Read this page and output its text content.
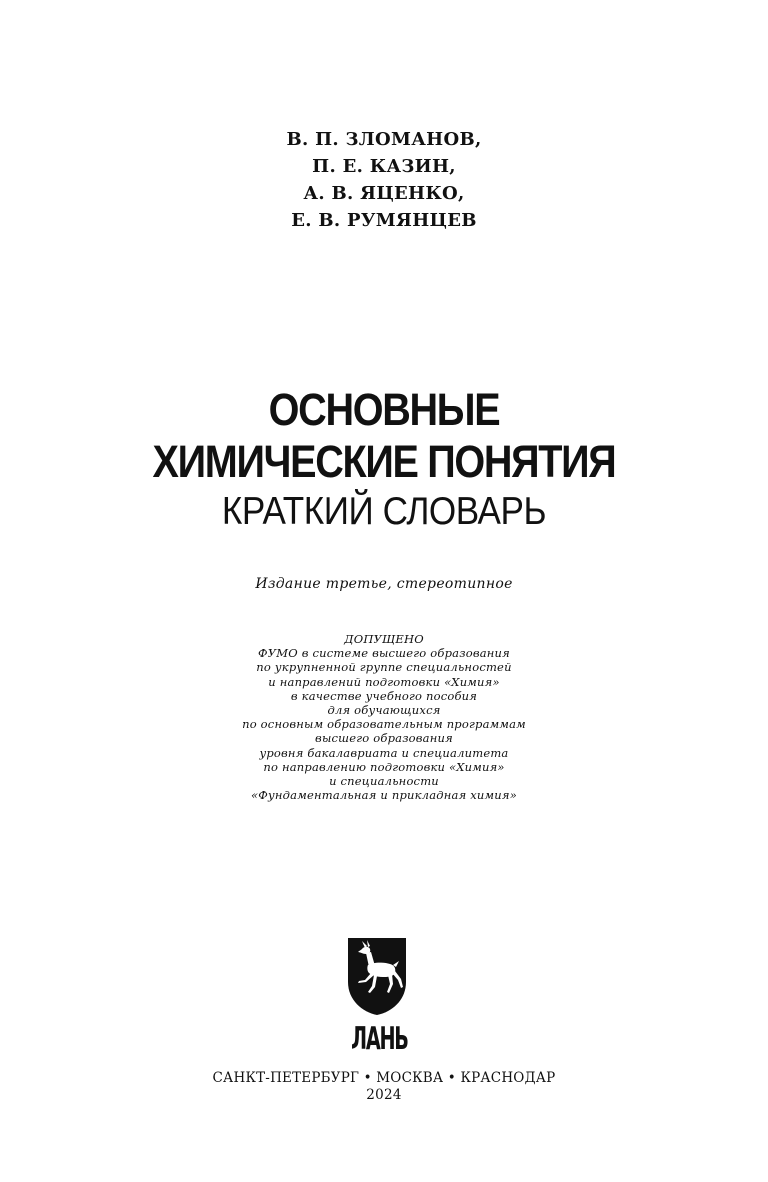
В. П. ЗЛОМАНОВ,
П. Е. КАЗИН,
А. В. ЯЦЕНКО,
Е. В. РУМЯНЦЕВ
ОСНОВНЫЕ
ХИМИЧЕСКИЕ ПОНЯТИЯ
КРАТКИЙ СЛОВАРЬ
Издание третье, стереотипное
ДОПУЩЕНО
ФУМО в системе высшего образования
по укрупненной группе специальностей
и направлений подготовки «Химия»
в качестве учебного пособия
для обучающихся
по основным образовательным программам
высшего образования
уровня бакалавриата и специалитета
по направлению подготовки «Химия»
и специальности
«Фундаментальная и прикладная химия»
ЛАНЬ
САНКТ-ПЕТЕРБУРГ • МОСКВА • КРАСНОДАР
2024
